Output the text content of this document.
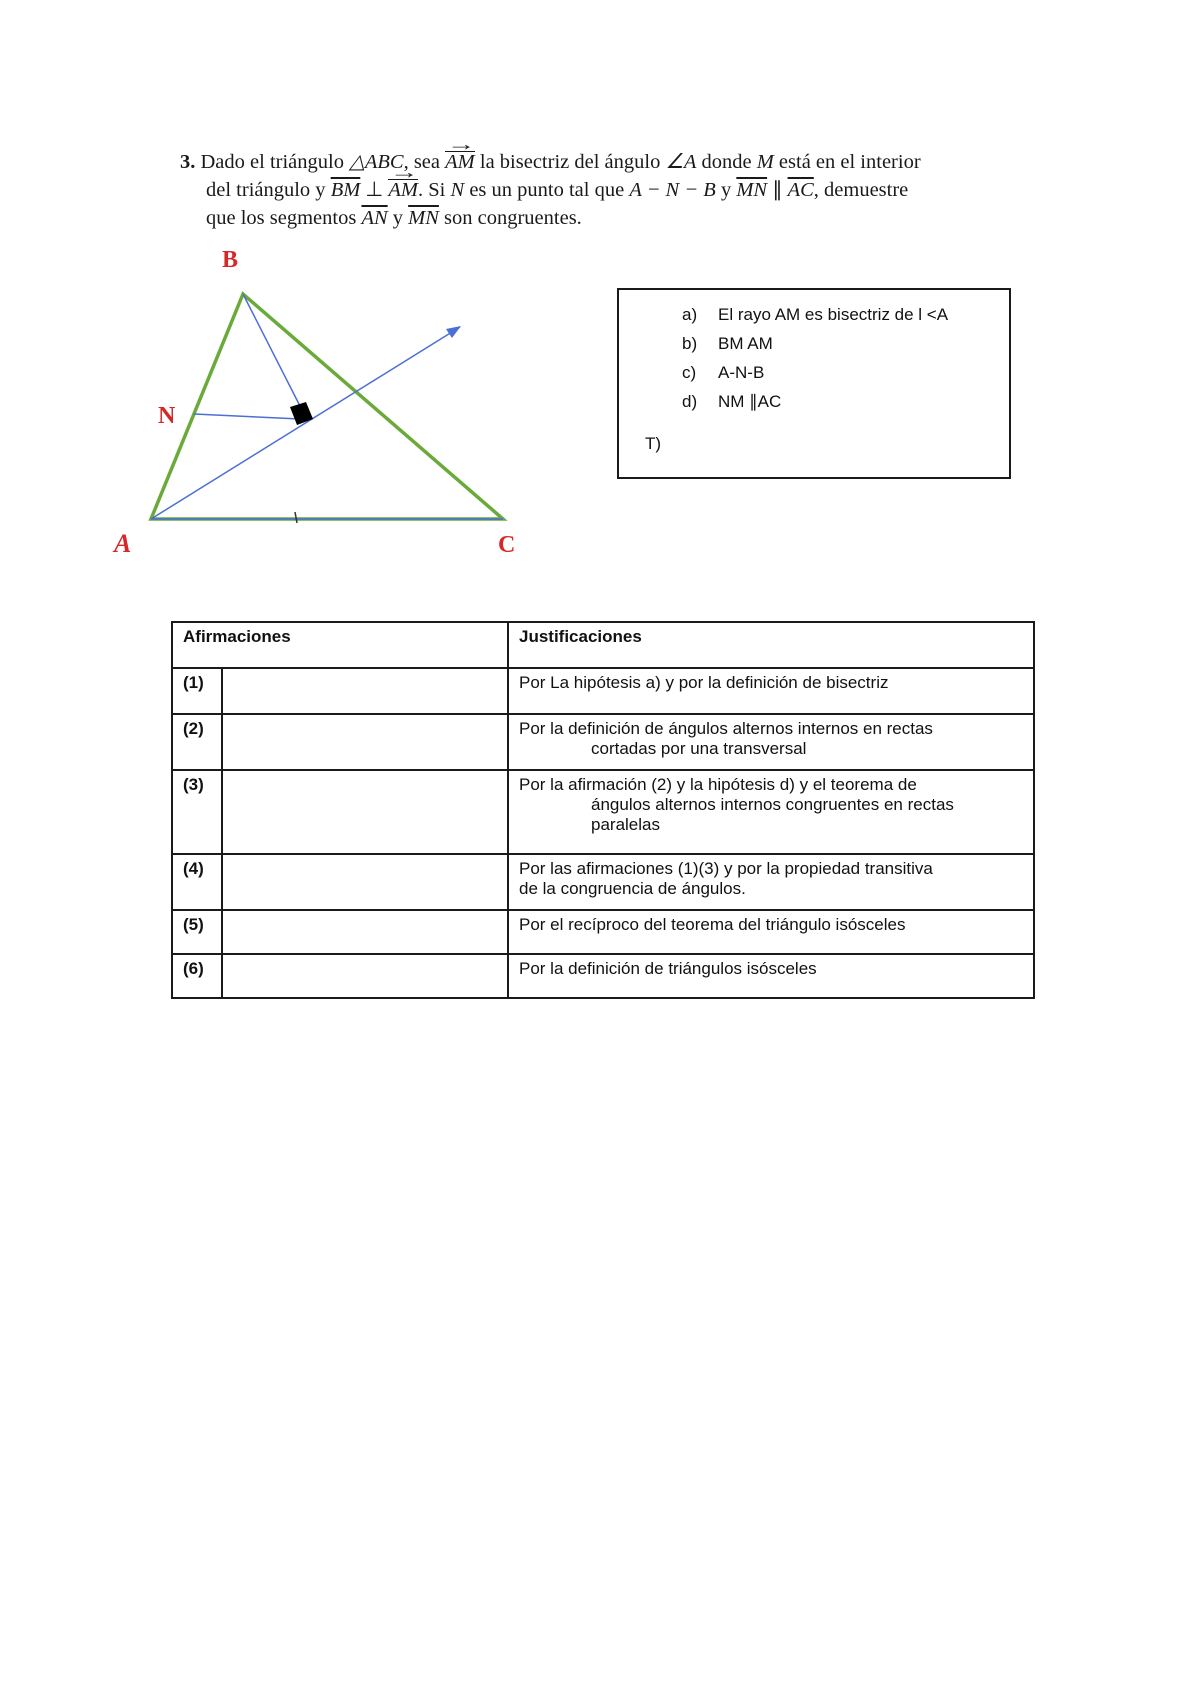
3. Dado el triángulo △ABC, sea → AM la bisectriz del ángulo ∠A donde M está en el interior
del triángulo y $\overline{BM}$ ⊥ → AM. Si N es un punto tal que A − N − B y $\overline{MN}$ ∥ $\overline{AC}$, demuestre
que los segmentos $\overline{AN}$ y $\overline{MN}$ son congruentes.
B
N
A	C
a) El rayo AM es bisectriz de l <A
b) BM AM
c) A-N-B
d) NM ∥AC
T)
Afirmaciones		Justificaciones
(1)		Por La hipótesis a) y por la definición de bisectriz

(2)		Por la definición de ángulos alternos internos en rectas
cortadas por una transversal

(3)		Por la afirmación (2) y la hipótesis d) y el teorema de
ángulos alternos internos congruentes en rectas
paralelas

(4)		Por las afirmaciones (1)(3) y por la propiedad transitiva
de la congruencia de ángulos.

(5)		Por el recíproco del teorema del triángulo isósceles

(6)		Por la definición de triángulos isósceles
